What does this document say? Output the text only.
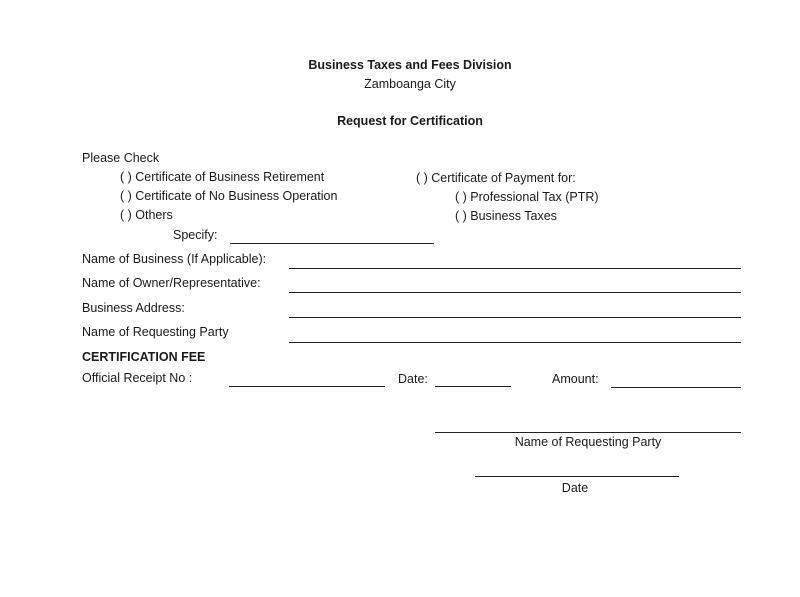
Business Taxes and Fees Division
Zamboanga City
Request for Certification
Please Check
( ) Certificate of Business Retirement
( ) Certificate of No Business Operation
( ) Others
Specify:
( ) Certificate of Payment for:
( ) Professional Tax (PTR)
( ) Business Taxes
Name of Business (If Applicable):
Name of Owner/Representative:
Business Address:
Name of Requesting Party
CERTIFICATION FEE
Official Receipt No :	Date:	Amount:
Name of Requesting Party
Date
